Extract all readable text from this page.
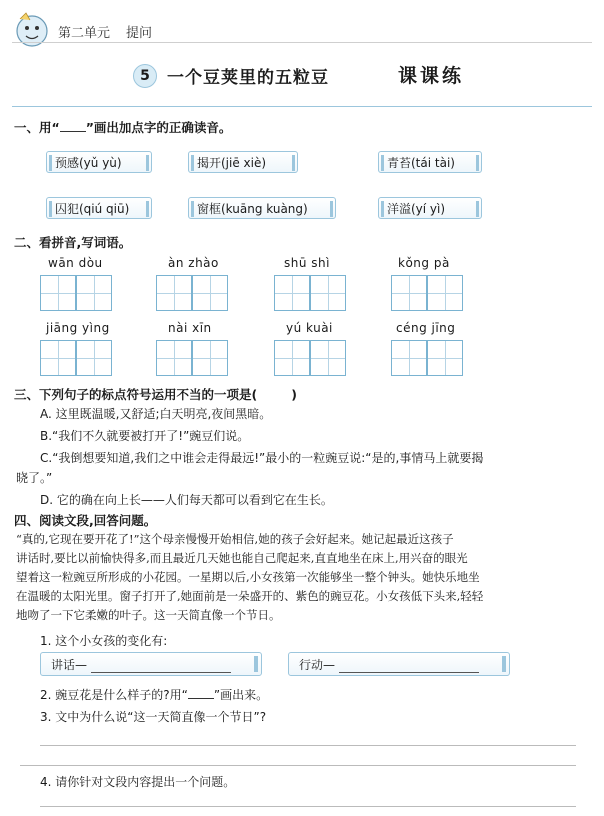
第二单元 提问
5	一个豆荚里的五粒豆	课课练
一、用“ ”画出加点字的正确读音。
预感(yǔ yù)	揭开(jiē xiè)	青苔(tái tài)
囚犯(qiú qiū)	窗框(kuāng kuàng)	洋溢(yí yì)
二、看拼音,写词语。
wān dòu	àn zhào	shū shì	kǒng pà
jiāng yìng	nài xīn	yú kuài	céng jīng
三、下列句子的标点符号运用不当的一项是(	)
A. 这里既温暖,又舒适;白天明亮,夜间黑暗。
B.“我们不久就要被打开了!”豌豆们说。
C.“我倒想要知道,我们之中谁会走得最远!”最小的一粒豌豆说:“是的,事情马上就要揭
晓了。”
D. 它的确在向上长——人们每天都可以看到它在生长。
四、阅读文段,回答问题。
“真的,它现在要开花了!”这个母亲慢慢开始相信,她的孩子会好起来。她记起最近这孩子
讲话时,要比以前愉快得多,而且最近几天她也能自己爬起来,直直地坐在床上,用兴奋的眼光
望着这一粒豌豆所形成的小花园。一星期以后,小女孩第一次能够坐一整个钟头。她快乐地坐
在温暖的太阳光里。窗子打开了,她面前是一朵盛开的、紫色的豌豆花。小女孩低下头来,轻轻
地吻了一下它柔嫩的叶子。这一天简直像一个节日。
1. 这个小女孩的变化有:
讲话—	行动—
2. 豌豆花是什么样子的?用“ ”画出来。
3. 文中为什么说“这一天简直像一个节日”?
4. 请你针对文段内容提出一个问题。
